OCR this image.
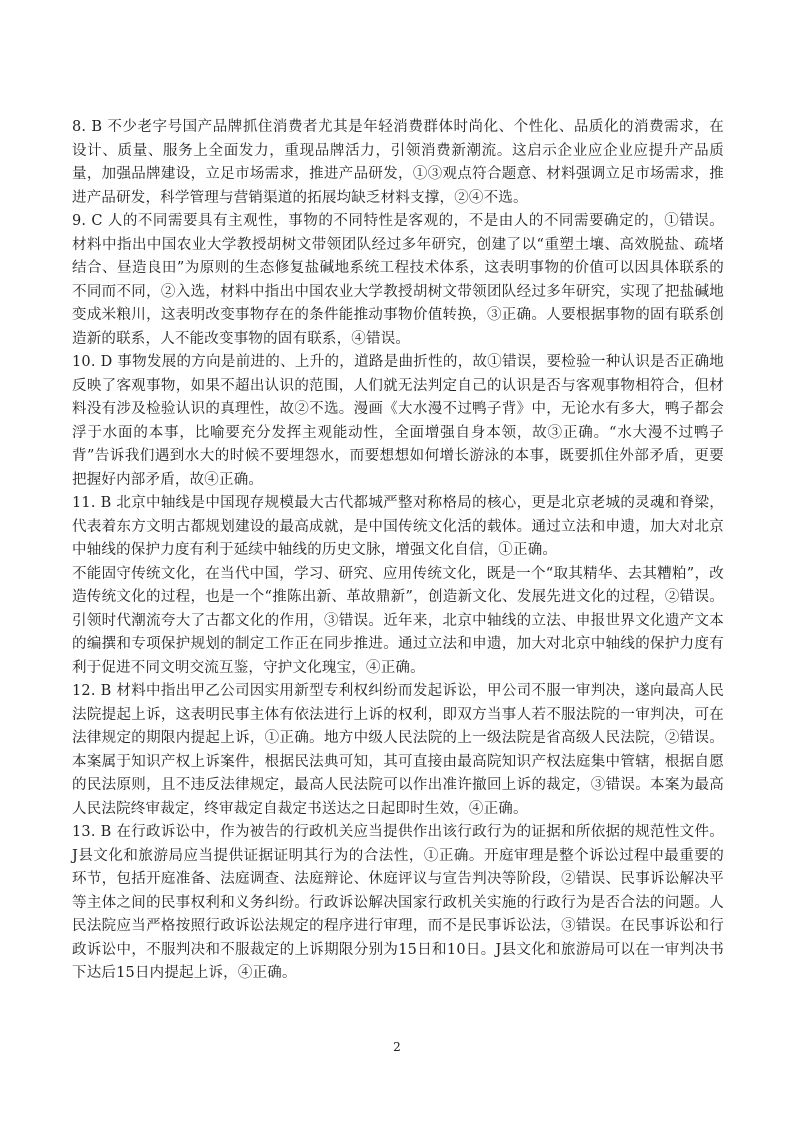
8. B 不少老字号国产品牌抓住消费者尤其是年轻消费群体时尚化、个性化、品质化的消费需求，在设计、质量、服务上全面发力，重现品牌活力，引领消费新潮流。这启示企业应企业应提升产品质量，加强品牌建设，立足市场需求，推进产品研发，①③观点符合题意、材料强调立足市场需求，推进产品研发，科学管理与营销渠道的拓展均缺乏材料支撑，②④不选。

9. C 人的不同需要具有主观性，事物的不同特性是客观的，不是由人的不同需要确定的，①错误。材料中指出中国农业大学教授胡树文带领团队经过多年研究，创建了以“重塑土壤、高效脱盐、疏堵结合、昼造良田”为原则的生态修复盐碱地系统工程技术体系，这表明事物的价值可以因具体联系的不同而不同，②入选，材料中指出中国农业大学教授胡树文带领团队经过多年研究，实现了把盐碱地变成米粮川，这表明改变事物存在的条件能推动事物价值转换，③正确。人要根据事物的固有联系创造新的联系，人不能改变事物的固有联系，④错误。

10. D 事物发展的方向是前进的、上升的，道路是曲折性的，故①错误，要检验一种认识是否正确地反映了客观事物，如果不超出认识的范围，人们就无法判定自己的认识是否与客观事物相符合，但材料没有涉及检验认识的真理性，故②不选。漫画《大水漫不过鸭子背》中，无论水有多大，鸭子都会浮于水面的本事，比喻要充分发挥主观能动性，全面增强自身本领，故③正确。“水大漫不过鸭子背”告诉我们遇到水大的时候不要埋怨水，而要想想如何增长游泳的本事，既要抓住外部矛盾，更要把握好内部矛盾，故④正确。

11. B 北京中轴线是中国现存规模最大古代都城严整对称格局的核心，更是北京老城的灵魂和脊梁，代表着东方文明古都规划建设的最高成就，是中国传统文化活的载体。通过立法和申遗，加大对北京中轴线的保护力度有利于延续中轴线的历史文脉，增强文化自信，①正确。

不能固守传统文化，在当代中国，学习、研究、应用传统文化，既是一个“取其精华、去其糟粕”，改造传统文化的过程，也是一个“推陈出新、革故鼎新”，创造新文化、发展先进文化的过程，②错误。引领时代潮流夸大了古都文化的作用，③错误。近年来，北京中轴线的立法、申报世界文化遗产文本的编撰和专项保护规划的制定工作正在同步推进。通过立法和申遗，加大对北京中轴线的保护力度有利于促进不同文明交流互鉴，守护文化瑰宝，④正确。

12. B 材料中指出甲乙公司因实用新型专利权纠纷而发起诉讼，甲公司不服一审判决，遂向最高人民法院提起上诉，这表明民事主体有依法进行上诉的权利，即双方当事人若不服法院的一审判决，可在法律规定的期限内提起上诉，①正确。地方中级人民法院的上一级法院是省高级人民法院，②错误。本案属于知识产权上诉案件，根据民法典可知，其可直接由最高院知识产权法庭集中管辖，根据自愿的民法原则，且不违反法律规定，最高人民法院可以作出准许撤回上诉的裁定，③错误。本案为最高人民法院终审裁定，终审裁定自裁定书送达之日起即时生效，④正确。

13. B 在行政诉讼中，作为被告的行政机关应当提供作出该行政行为的证据和所依据的规范性文件。J县文化和旅游局应当提供证据证明其行为的合法性，①正确。开庭审理是整个诉讼过程中最重要的环节，包括开庭准备、法庭调查、法庭辩论、休庭评议与宣告判决等阶段，②错误、民事诉讼解决平等主体之间的民事权利和义务纠纷。行政诉讼解决国家行政机关实施的行政行为是否合法的问题。人民法院应当严格按照行政诉讼法规定的程序进行审理，而不是民事诉讼法，③错误。在民事诉讼和行政诉讼中，不服判决和不服裁定的上诉期限分别为15日和10日。J县文化和旅游局可以在一审判决书下达后15日内提起上诉，④正确。

2
